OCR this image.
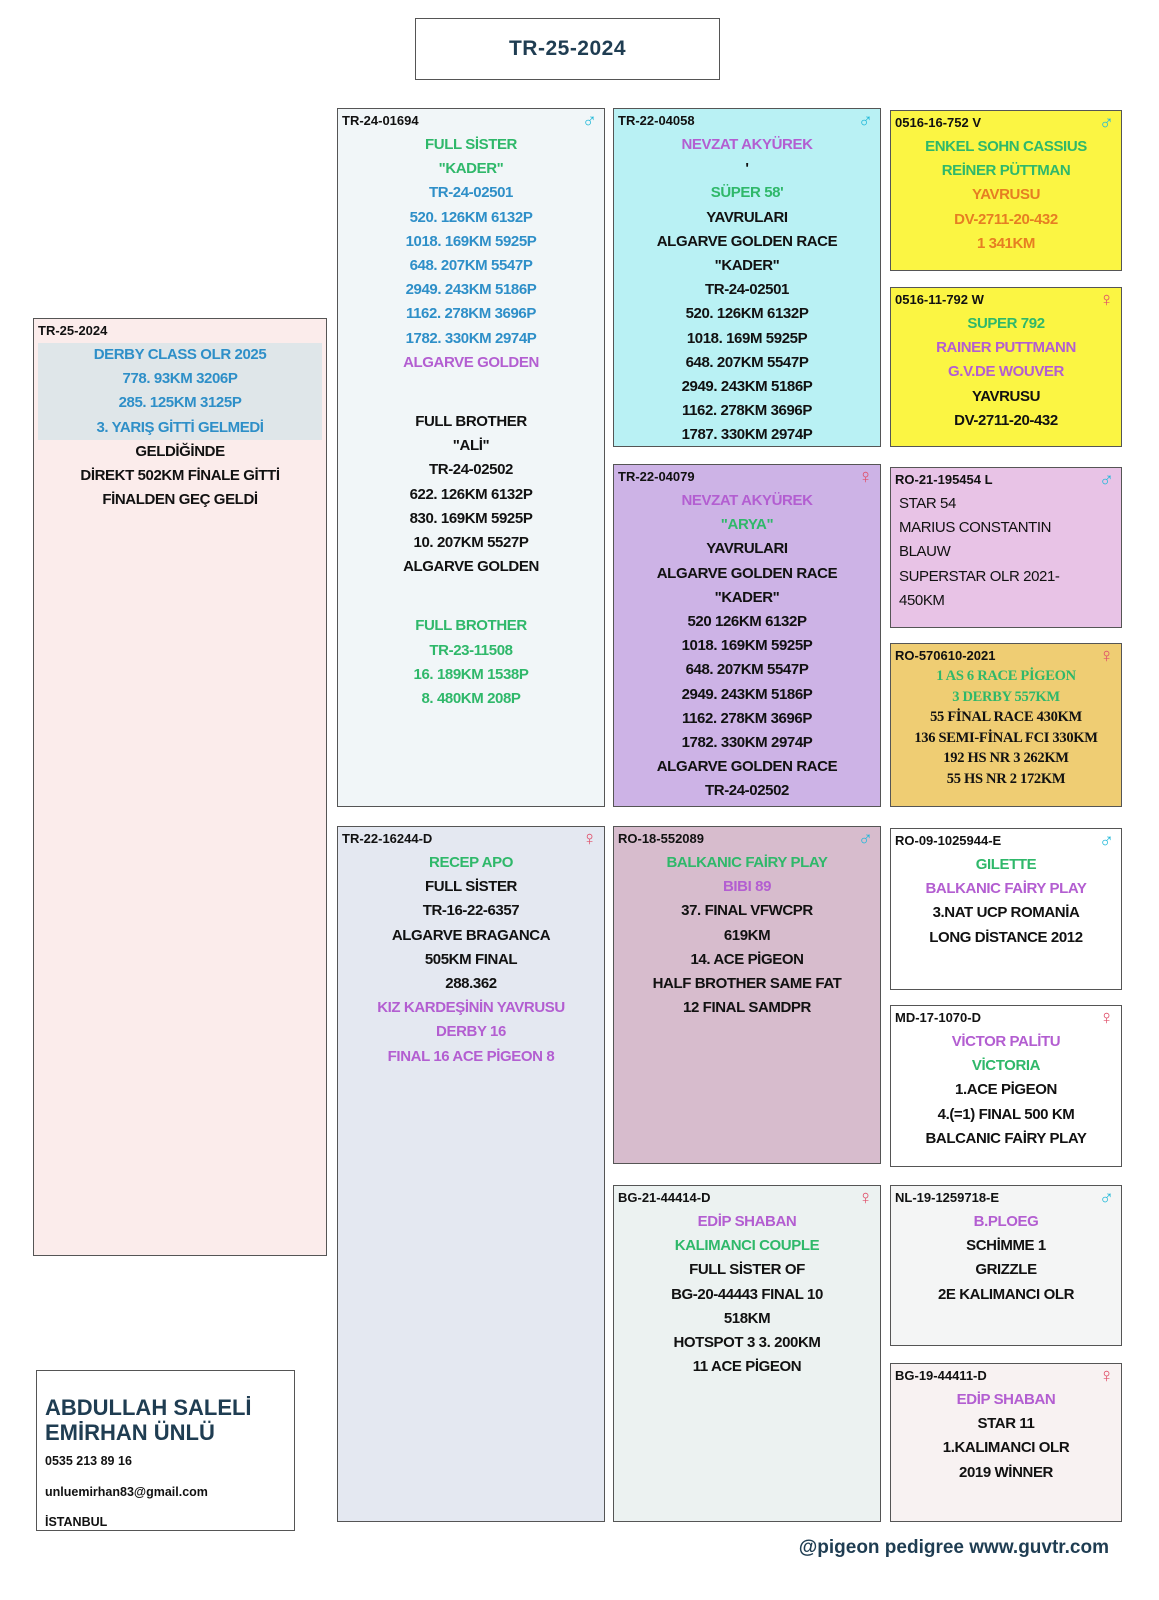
TR-25-2024
TR-25-2024
DERBY CLASS OLR 2025
778. 93KM 3206P
285. 125KM 3125P
3. YARIŞ GİTTİ GELMEDİ
GELDİĞİNDE
DİREKT 502KM FİNALE GİTTİ
FİNALDEN GEÇ GELDİ
TR-24-01694	♂
FULL SİSTER
"KADER"
TR-24-02501
520. 126KM 6132P
1018. 169KM 5925P
648. 207KM 5547P
2949. 243KM 5186P
1162. 278KM 3696P
1782. 330KM 2974P
ALGARVE GOLDEN
FULL BROTHER
"ALİ"
TR-24-02502
622. 126KM 6132P
830. 169KM 5925P
10. 207KM 5527P
ALGARVE GOLDEN
FULL BROTHER
TR-23-11508
16. 189KM 1538P
8. 480KM 208P
TR-22-16244-D	♀
RECEP APO
FULL SİSTER
TR-16-22-6357
ALGARVE BRAGANCA
505KM FINAL
288.362
KIZ KARDEŞİNİN YAVRUSU
DERBY 16
FINAL 16 ACE PİGEON 8
TR-22-04058	♂
NEVZAT AKYÜREK
'
SÜPER 58'
YAVRULARI
ALGARVE GOLDEN RACE
"KADER"
TR-24-02501
520. 126KM 6132P
1018. 169M 5925P
648. 207KM 5547P
2949. 243KM 5186P
1162. 278KM 3696P
1787. 330KM 2974P
TR-22-04079	♀
NEVZAT AKYÜREK
"ARYA"
YAVRULARI
ALGARVE GOLDEN RACE
"KADER"
520 126KM 6132P
1018. 169KM 5925P
648. 207KM 5547P
2949. 243KM 5186P
1162. 278KM 3696P
1782. 330KM 2974P
ALGARVE GOLDEN RACE
TR-24-02502
RO-18-552089	♂
BALKANIC FAİRY PLAY
BIBI 89
37. FINAL VFWCPR
619KM
14. ACE PİGEON
HALF BROTHER SAME FAT
12 FINAL SAMDPR
BG-21-44414-D	♀
EDİP SHABAN
KALIMANCI COUPLE
FULL SİSTER OF
BG-20-44443 FINAL 10
518KM
HOTSPOT 3 3. 200KM
11 ACE PİGEON
0516-16-752 V	♂
ENKEL SOHN CASSIUS
REİNER PÜTTMAN
YAVRUSU
DV-2711-20-432
1 341KM
0516-11-792 W	♀
SUPER 792
RAINER PUTTMANN
G.V.DE WOUVER
YAVRUSU
DV-2711-20-432
RO-21-195454 L	♂
STAR 54
MARIUS CONSTANTIN
BLAUW
SUPERSTAR OLR 2021-
450KM
RO-570610-2021	♀
1 AS 6 RACE PİGEON
3 DERBY 557KM
55 FİNAL RACE 430KM
136 SEMI-FİNAL FCI 330KM
192 HS NR 3 262KM
55 HS NR 2 172KM
RO-09-1025944-E	♂
GILETTE
BALKANIC FAİRY PLAY
3.NAT UCP ROMANİA
LONG DİSTANCE 2012
MD-17-1070-D	♀
VİCTOR PALİTU
VİCTORIA
1.ACE PİGEON
4.(=1) FINAL 500 KM
BALCANIC FAİRY PLAY
NL-19-1259718-E	♂
B.PLOEG
SCHİMME 1
GRIZZLE
2E KALIMANCI OLR
BG-19-44411-D	♀
EDİP SHABAN
STAR 11
1.KALIMANCI OLR
2019 WİNNER
ABDULLAH SALELİ
EMİRHAN ÜNLÜ
0535 213 89 16
unluemirhan83@gmail.com
İSTANBUL
@pigeon pedigree www.guvtr.com
